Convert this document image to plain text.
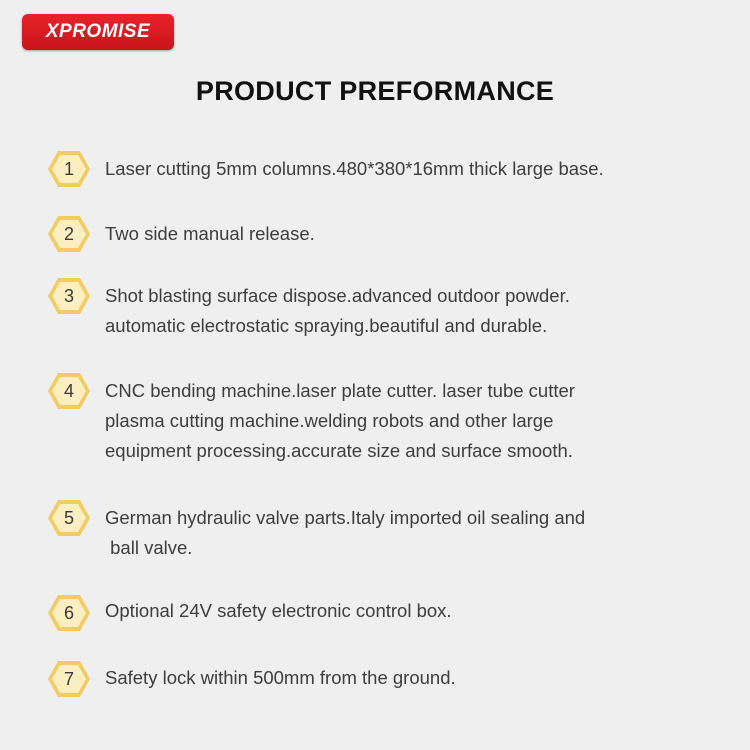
XPROMISE
PRODUCT PREFORMANCE
1	Laser cutting 5mm columns.480*380*16mm thick large base.
2	Two side manual release.
3	Shot blasting surface dispose.advanced outdoor powder.
automatic electrostatic spraying.beautiful and durable.
4	CNC bending machine.laser plate cutter. laser tube cutter
plasma cutting machine.welding robots and other large
equipment processing.accurate size and surface smooth.
5	German hydraulic valve parts.Italy imported oil sealing and
ball valve.
6	Optional 24V safety electronic control box.
7	Safety lock within 500mm from the ground.
